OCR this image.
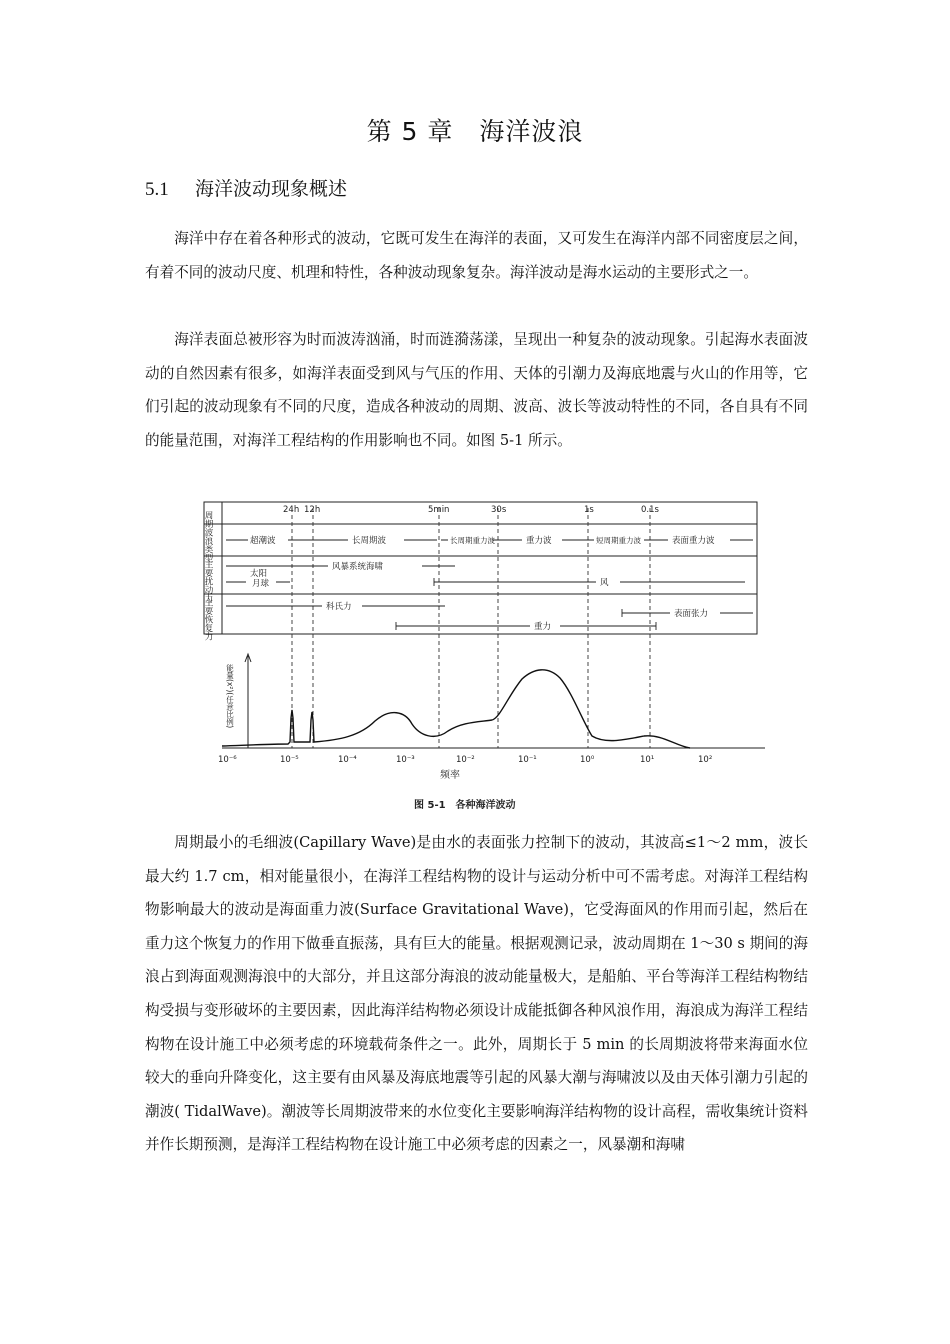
第 5 章　海洋波浪
5.1 海洋波动现象概述

海洋中存在着各种形式的波动，它既可发生在海洋的表面，又可发生在海洋内部不同密度层之间，有着不同的波动尺度、机理和特性，各种波动现象复杂。海洋波动是海水运动的主要形式之一。

海洋表面总被形容为时而波涛汹涌，时而涟漪荡漾，呈现出一种复杂的波动现象。引起海水表面波动的自然因素有很多，如海洋表面受到风与气压的作用、天体的引潮力及海底地震与火山的作用等，它们引起的波动现象有不同的尺度，造成各种波动的周期、波高、波长等波动特性的不同，各自具有不同的能量范围，对海洋工程结构的作用影响也不同。如图 5-1 所示。

周期
波浪类型
主要扰动力
主要恢复力
24h 12h	5min	30s	1s	0.1s
超潮波	长周期波	长周期重力波	重力波	短周期重力波	表面重力波
太阳
月球
风暴系统海啸
风
科氏力
表面张力
重力
能量(x²)(任意比例)
10⁻⁶	10⁻⁵	10⁻⁴	10⁻³	10⁻²	10⁻¹	10⁰	10¹	10²
频率
图 5-1　各种海洋波动

周期最小的毛细波(Capillary Wave)是由水的表面张力控制下的波动，其波高≤1～2 mm，波长最大约 1.7 cm，相对能量很小，在海洋工程结构物的设计与运动分析中可不需考虑。对海洋工程结构物影响最大的波动是海面重力波(Surface Gravitational Wave)，它受海面风的作用而引起，然后在重力这个恢复力的作用下做垂直振荡，具有巨大的能量。根据观测记录，波动周期在 1～30 s 期间的海浪占到海面观测海浪中的大部分，并且这部分海浪的波动能量极大，是船舶、平台等海洋工程结构物结构受损与变形破坏的主要因素，因此海洋结构物必须设计成能抵御各种风浪作用，海浪成为海洋工程结构物在设计施工中必须考虑的环境载荷条件之一。此外，周期长于 5 min 的长周期波将带来海面水位较大的垂向升降变化，这主要有由风暴及海底地震等引起的风暴大潮与海啸波以及由天体引潮力引起的潮波( TidalWave)。潮波等长周期波带来的水位变化主要影响海洋结构物的设计高程，需收集统计资料并作长期预测，是海洋工程结构物在设计施工中必须考虑的因素之一，风暴潮和海啸
